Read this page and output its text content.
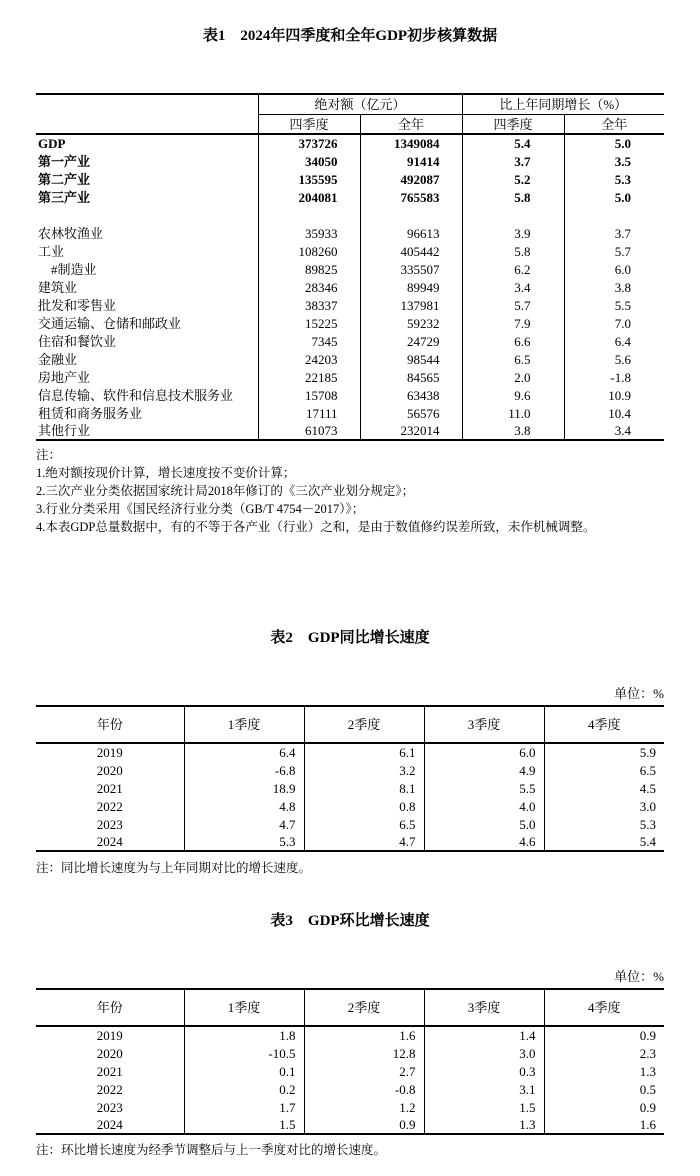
表1　2024年四季度和全年GDP初步核算数据
	绝对额（亿元）		比上年同期增长（%）	
	四季度	全年	四季度	全年
GDP	373726	1349084	5.4	5.0
第一产业	34050	91414	3.7	3.5
第二产业	135595	492087	5.2	5.3
第三产业	204081	765583	5.8	5.0

农林牧渔业	35933	96613	3.9	3.7
工业	108260	405442	5.8	5.7
#制造业	89825	335507	6.2	6.0
建筑业	28346	89949	3.4	3.8
批发和零售业	38337	137981	5.7	5.5
交通运输、仓储和邮政业	15225	59232	7.9	7.0
住宿和餐饮业	7345	24729	6.6	6.4
金融业	24203	98544	6.5	5.6
房地产业	22185	84565	2.0	-1.8
信息传输、软件和信息技术服务业	15708	63438	9.6	10.9
租赁和商务服务业	17111	56576	11.0	10.4
其他行业	61073	232014	3.8	3.4
注：
1.绝对额按现价计算，增长速度按不变价计算；
2.三次产业分类依据国家统计局2018年修订的《三次产业划分规定》；
3.行业分类采用《国民经济行业分类（GB/T 4754－2017）》；
4.本表GDP总量数据中，有的不等于各产业（行业）之和，是由于数值修约误差所致，未作机械调整。
表2　GDP同比增长速度
单位：%
年份	1季度	2季度	3季度	4季度
2019	6.4	6.1	6.0	5.9
2020	-6.8	3.2	4.9	6.5
2021	18.9	8.1	5.5	4.5
2022	4.8	0.8	4.0	3.0
2023	4.7	6.5	5.0	5.3
2024	5.3	4.7	4.6	5.4
注：同比增长速度为与上年同期对比的增长速度。
表3　GDP环比增长速度
单位：%
年份	1季度	2季度	3季度	4季度
2019	1.8	1.6	1.4	0.9
2020	-10.5	12.8	3.0	2.3
2021	0.1	2.7	0.3	1.3
2022	0.2	-0.8	3.1	0.5
2023	1.7	1.2	1.5	0.9
2024	1.5	0.9	1.3	1.6
注：环比增长速度为经季节调整后与上一季度对比的增长速度。
